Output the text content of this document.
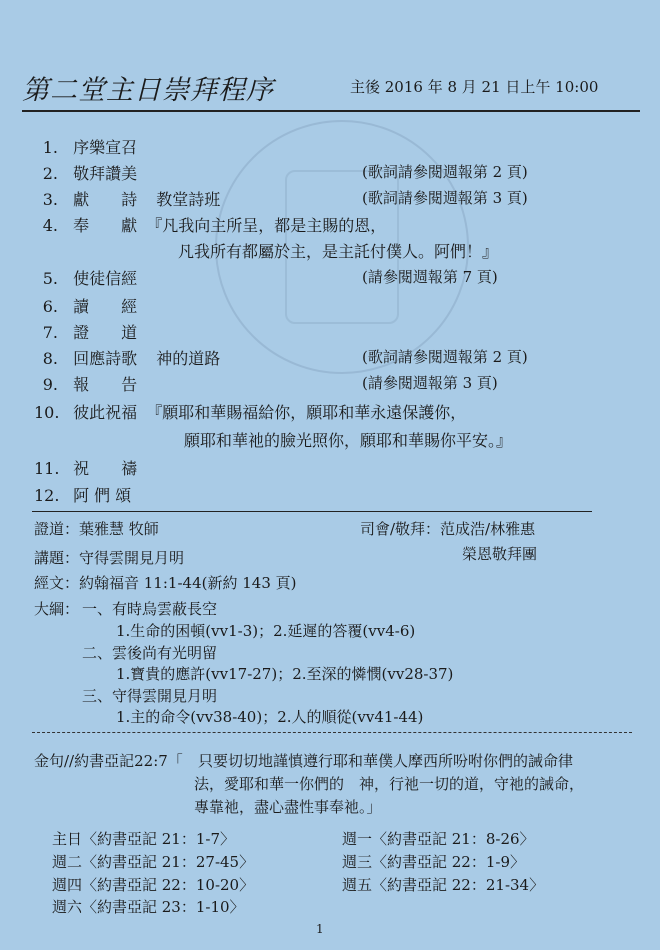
第二堂主日崇拜程序	主後 2016 年 8 月 21 日上午 10:00
1. 序樂宣召
2. 敬拜讚美	(歌詞請參閱週報第 2 頁)
3. 獻　　詩 教堂詩班	(歌詞請參閱週報第 3 頁)
4. 奉　　獻 『凡我向主所呈，都是主賜的恩，
凡我所有都屬於主，是主託付僕人。阿們！』
5. 使徒信經	(請參閱週報第 7 頁)
6. 讀　　經
7. 證　　道
8. 回應詩歌 神的道路	(歌詞請參閱週報第 2 頁)
9. 報　　告	(請參閱週報第 3 頁)
10. 彼此祝福 『願耶和華賜福給你，願耶和華永遠保護你，
願耶和華祂的臉光照你，願耶和華賜你平安。』
11. 祝　　禱
12. 阿 們 頌
證道：葉雅慧 牧師	司會/敬拜：范成浩/林雅惠
榮恩敬拜團
講題：守得雲開見月明
經文：約翰福音 11:1-44(新約 143 頁)
大綱： 一、有時烏雲蔽長空
1.生命的困頓(vv1-3)；2.延遲的答覆(vv4-6)
二、雲後尚有光明留
1.寶貴的應許(vv17-27)；2.至深的憐憫(vv28-37)
三、守得雲開見月明
1.主的命令(vv38-40)；2.人的順從(vv41-44)
金句//約書亞記22:7「 只要切切地謹慎遵行耶和華僕人摩西所吩咐你們的誡命律
法，愛耶和華一你們的　神，行祂一切的道，守祂的誡命，
專靠祂，盡心盡性事奉祂。」
主日〈約書亞記 21：1-7〉	週一〈約書亞記 21：8-26〉
週二〈約書亞記 21：27-45〉	週三〈約書亞記 22：1-9〉
週四〈約書亞記 22：10-20〉	週五〈約書亞記 22：21-34〉
週六〈約書亞記 23：1-10〉
1
